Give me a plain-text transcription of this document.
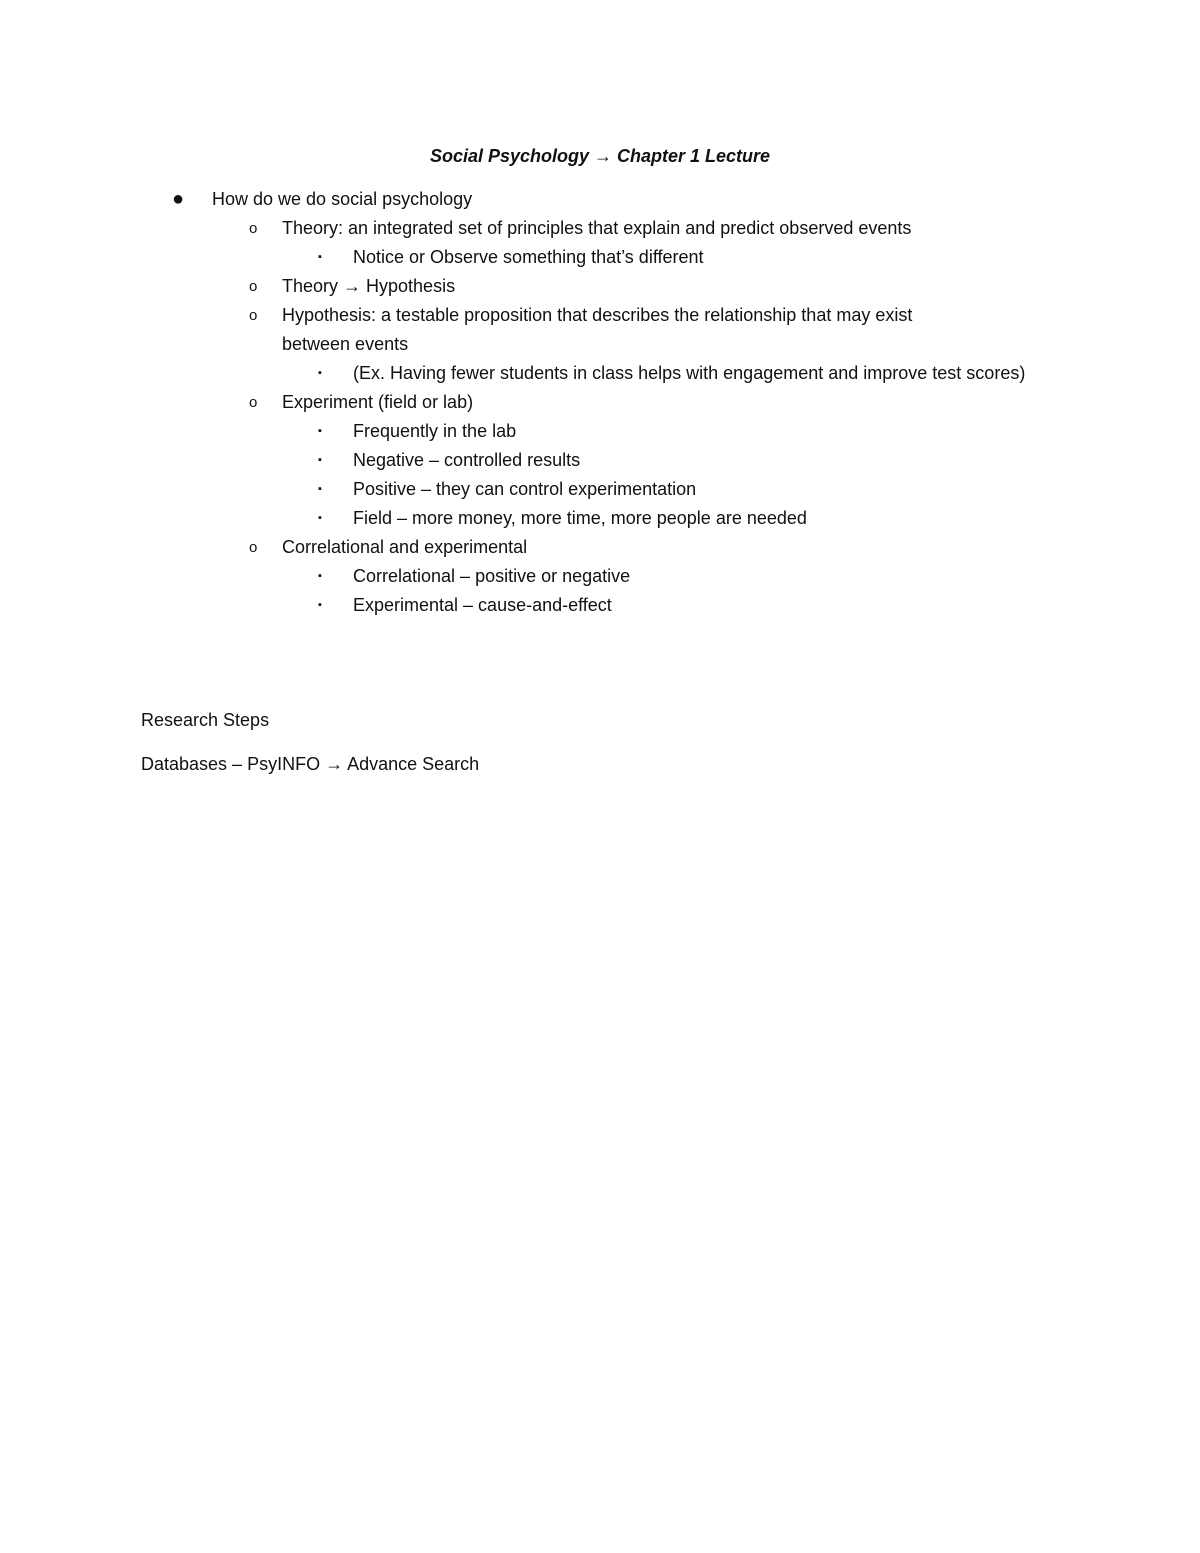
Social Psychology → Chapter 1 Lecture
● How do we do social psychology
o Theory: an integrated set of principles that explain and predict observed events
▪ Notice or Observe something that’s different
o Theory → Hypothesis
o Hypothesis: a testable proposition that describes the relationship that may exist between events
▪ (Ex. Having fewer students in class helps with engagement and improve test scores)
o Experiment (field or lab)
▪ Frequently in the lab
▪ Negative – controlled results
▪ Positive – they can control experimentation
▪ Field – more money, more time, more people are needed
o Correlational and experimental
▪ Correlational – positive or negative
▪ Experimental – cause-and-effect
Research Steps
Databases – PsyINFO → Advance Search
